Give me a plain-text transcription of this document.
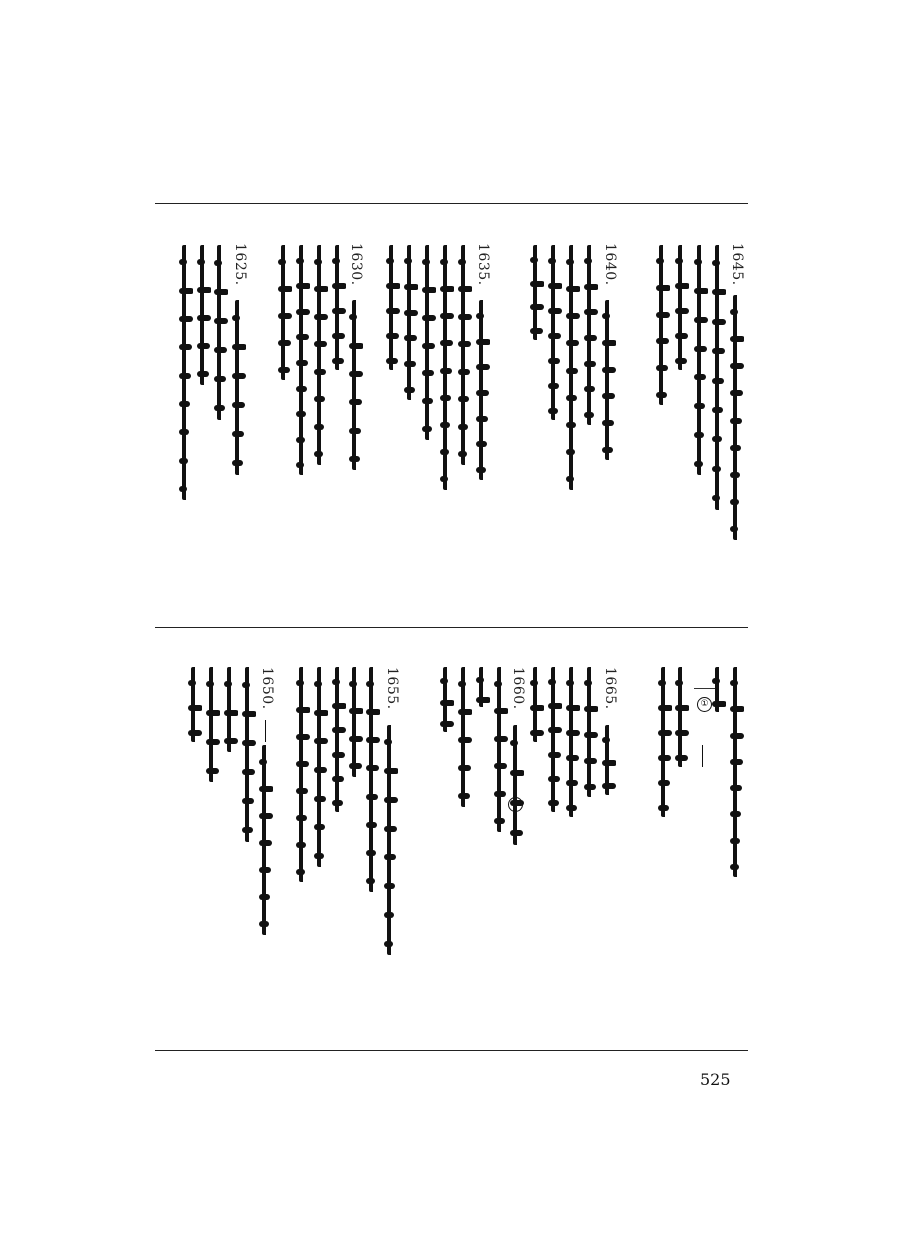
1645.
1640.
1635.
1630.
1625.
1665.
1660.
1655.
1650.	①
525
